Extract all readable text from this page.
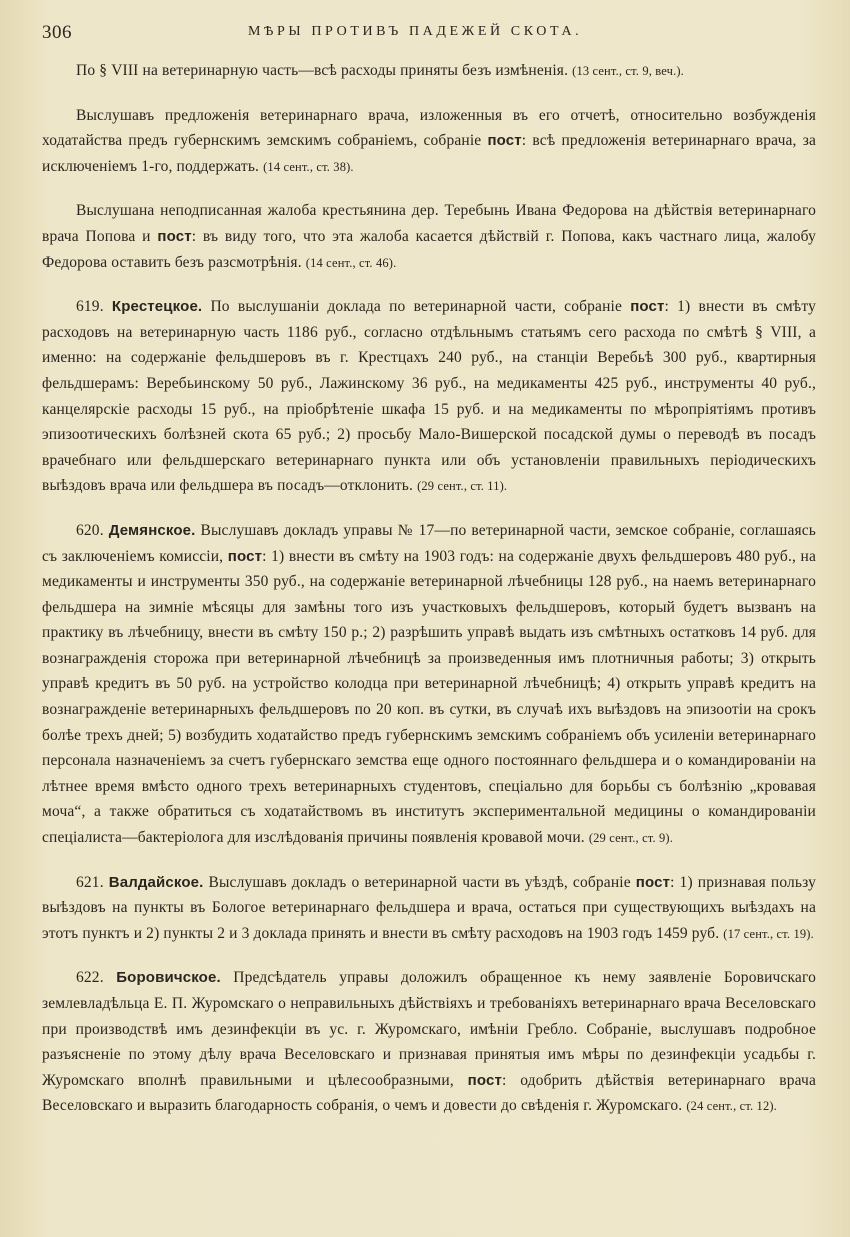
306	МѢРЫ ПРОТИВЪ ПАДЕЖЕЙ СКОТА.

По § VIII на ветеринарную часть—всѣ расходы приняты безъ измѣненія. (13 сент., ст. 9, веч.).

Выслушавъ предложенія ветеринарнаго врача, изложенныя въ его отчетѣ, относительно возбужденія ходатайства предъ губернскимъ земскимъ собраніемъ, собраніе пост: всѣ предложенія ветеринарнаго врача, за исключеніемъ 1-го, поддержать. (14 сент., ст. 38).

Выслушана неподписанная жалоба крестьянина дер. Теребынь Ивана Федорова на дѣйствія ветеринарнаго врача Попова и пост: въ виду того, что эта жалоба касается дѣйствій г. Попова, какъ частнаго лица, жалобу Федорова оставить безъ разсмотрѣнія. (14 сент., ст. 46).

619. Крестецкое. По выслушаніи доклада по ветеринарной части, собраніе пост: 1) внести въ смѣту расходовъ на ветеринарную часть 1186 руб., согласно отдѣльнымъ статьямъ сего расхода по смѣтѣ § VIII, а именно: на содержаніе фельдшеровъ въ г. Крестцахъ 240 руб., на станціи Веребьѣ 300 руб., квартирныя фельдшерамъ: Веребьинскому 50 руб., Лажинскому 36 руб., на медикаменты 425 руб., инструменты 40 руб., канцелярскіе расходы 15 руб., на пріобрѣтеніе шкафа 15 руб. и на медикаменты по мѣропріятіямъ противъ эпизоотическихъ болѣзней скота 65 руб.; 2) просьбу Мало-Вишерской посадской думы о переводѣ въ посадъ врачебнаго или фельдшерскаго ветеринарнаго пункта или объ установленіи правильныхъ періодическихъ выѣздовъ врача или фельдшера въ посадъ—отклонить. (29 сент., ст. 11).

620. Демянское. Выслушавъ докладъ управы № 17—по ветеринарной части, земское собраніе, соглашаясь съ заключеніемъ комиссіи, пост: 1) внести въ смѣту на 1903 годъ: на содержаніе двухъ фельдшеровъ 480 руб., на медикаменты и инструменты 350 руб., на содержаніе ветеринарной лѣчебницы 128 руб., на наемъ ветеринарнаго фельдшера на зимніе мѣсяцы для замѣны того изъ участковыхъ фельдшеровъ, который будетъ вызванъ на практику въ лѣчебницу, внести въ смѣту 150 р.; 2) разрѣшить управѣ выдать изъ смѣтныхъ остатковъ 14 руб. для вознагражденія сторожа при ветеринарной лѣчебницѣ за произведенныя имъ плотничныя работы; 3) открыть управѣ кредитъ въ 50 руб. на устройство колодца при ветеринарной лѣчебницѣ; 4) открыть управѣ кредитъ на вознагражденіе ветеринарныхъ фельдшеровъ по 20 коп. въ сутки, въ случаѣ ихъ выѣздовъ на эпизоотіи на срокъ болѣе трехъ дней; 5) возбудить ходатайство предъ губернскимъ земскимъ собраніемъ объ усиленіи ветеринарнаго персонала назначеніемъ за счетъ губернскаго земства еще одного постояннаго фельдшера и о командированіи на лѣтнее время вмѣсто одного трехъ ветеринарныхъ студентовъ, спеціально для борьбы съ болѣзнію „кровавая моча“, а также обратиться съ ходатайствомъ въ институтъ экспериментальной медицины о командированіи спеціалиста—бактеріолога для изслѣдованія причины появленія кровавой мочи. (29 сент., ст. 9).

621. Валдайское. Выслушавъ докладъ о ветеринарной части въ уѣздѣ, собраніе пост: 1) признавая пользу выѣздовъ на пункты въ Бологое ветеринарнаго фельдшера и врача, остаться при существующихъ выѣздахъ на этотъ пунктъ и 2) пункты 2 и 3 доклада принять и внести въ смѣту расходовъ на 1903 годъ 1459 руб. (17 сент., ст. 19).

622. Боровичское. Предсѣдатель управы доложилъ обращенное къ нему заявленіе Боровичскаго землевладѣльца Е. П. Журомскаго о неправильныхъ дѣйствіяхъ и требованіяхъ ветеринарнаго врача Веселовскаго при производствѣ имъ дезинфекціи въ ус. г. Журомскаго, имѣніи Гребло. Собраніе, выслушавъ подробное разъясненіе по этому дѣлу врача Веселовскаго и признавая принятыя имъ мѣры по дезинфекціи усадьбы г. Журомскаго вполнѣ правильными и цѣлесообразными, пост: одобрить дѣйствія ветеринарнаго врача Веселовскаго и выразить благодарность собранія, о чемъ и довести до свѣденія г. Журомскаго. (24 сент., ст. 12).
